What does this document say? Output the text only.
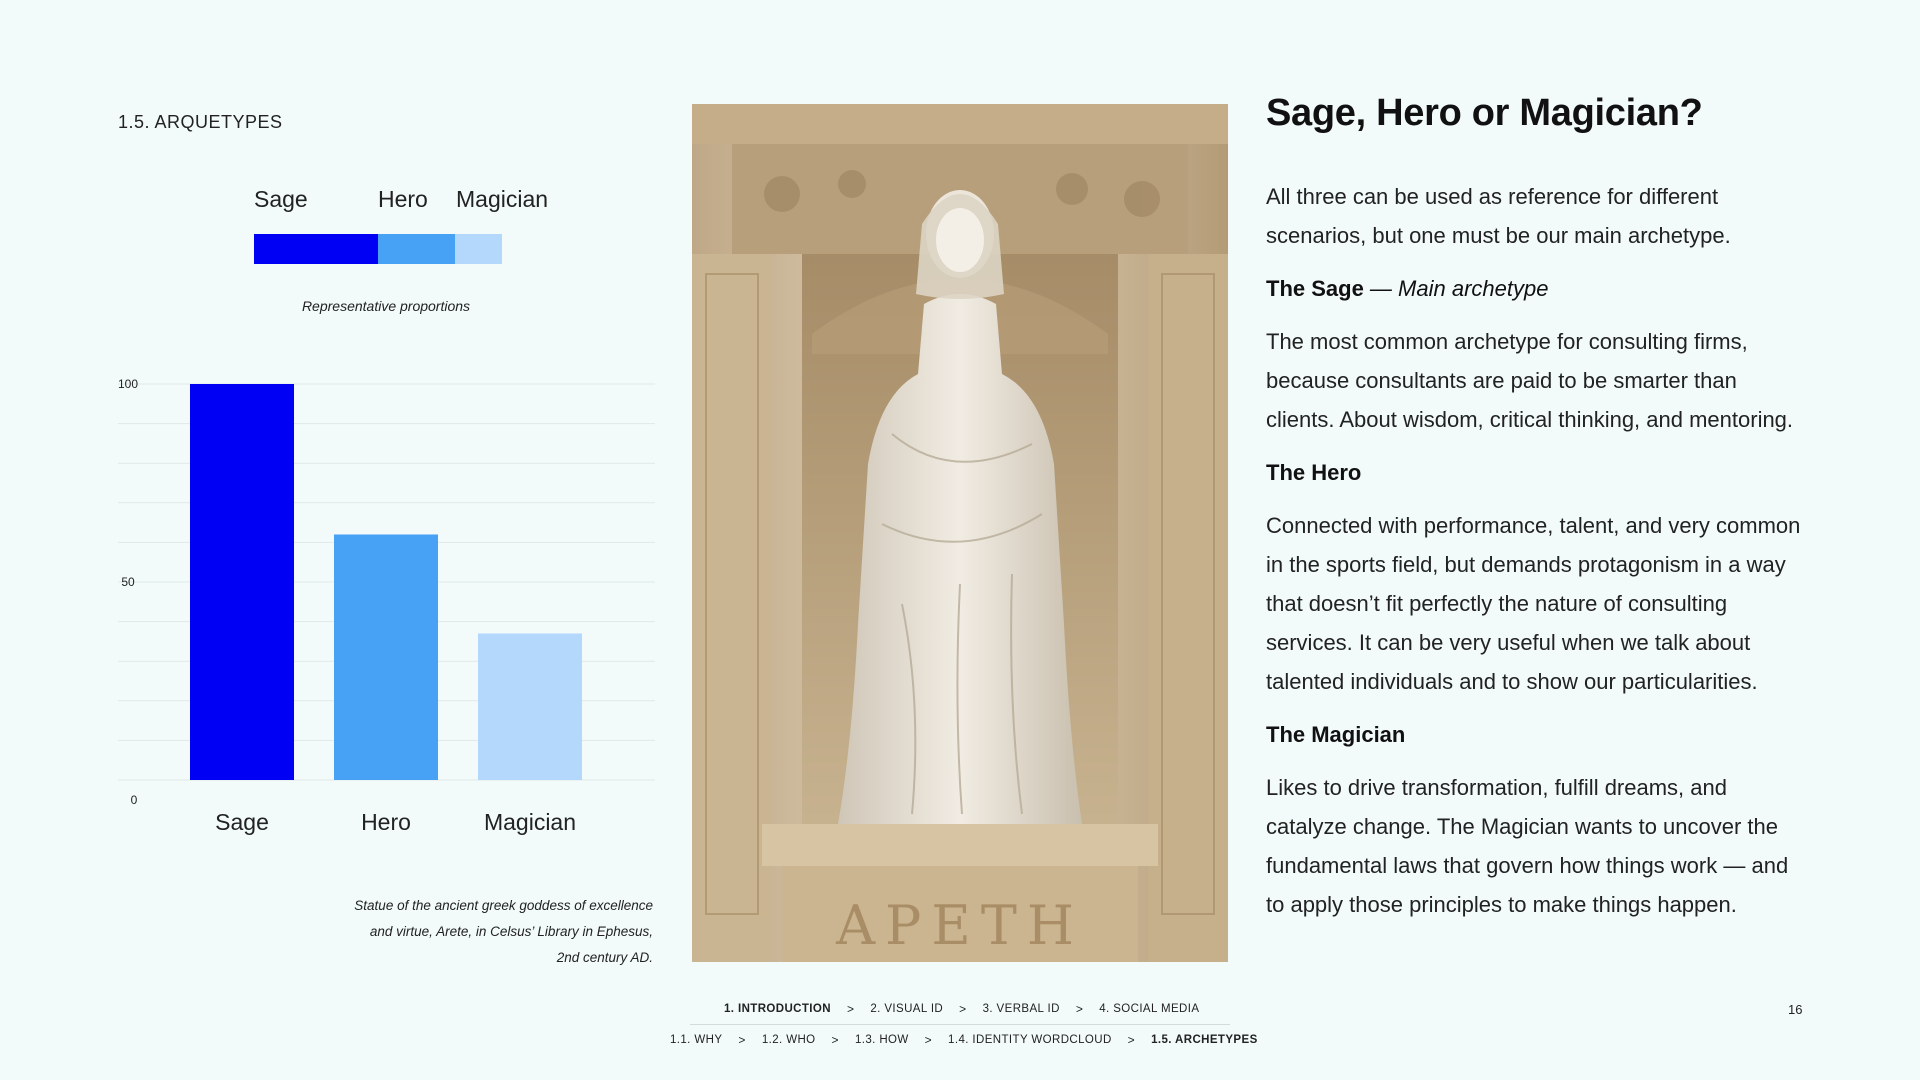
1.5. ARQUETYPES
Sage	Hero Magician
Representative proportions
0
50
100
Sage	Hero	Magician
Statue of the ancient greek goddess of excellence and virtue, Arete, in Celsus’ Library in Ephesus, 2nd century AD.
ΑΡΕΤΗ
Sage, Hero or Magician?

All three can be used as reference for different scenarios, but one must be our main archetype.

The Sage — Main archetype

The most common archetype for consulting firms, because consultants are paid to be smarter than clients. About wisdom, critical thinking, and mentoring.

The Hero

Connected with performance, talent, and very common in the sports field, but demands protagonism in a way that doesn’t fit perfectly the nature of consulting services. It can be very useful when we talk about talented individuals and to show our particularities.

The Magician

Likes to drive transformation, fulfill dreams, and catalyze change. The Magician wants to uncover the fundamental laws that govern how things work — and to apply those principles to make things happen.

1. INTRODUCTION > 2. VISUAL ID > 3. VERBAL ID > 4. SOCIAL MEDIA
1.1. WHY > 1.2. WHO > 1.3. HOW > 1.4. IDENTITY WORDCLOUD > 1.5. ARCHETYPES
16
